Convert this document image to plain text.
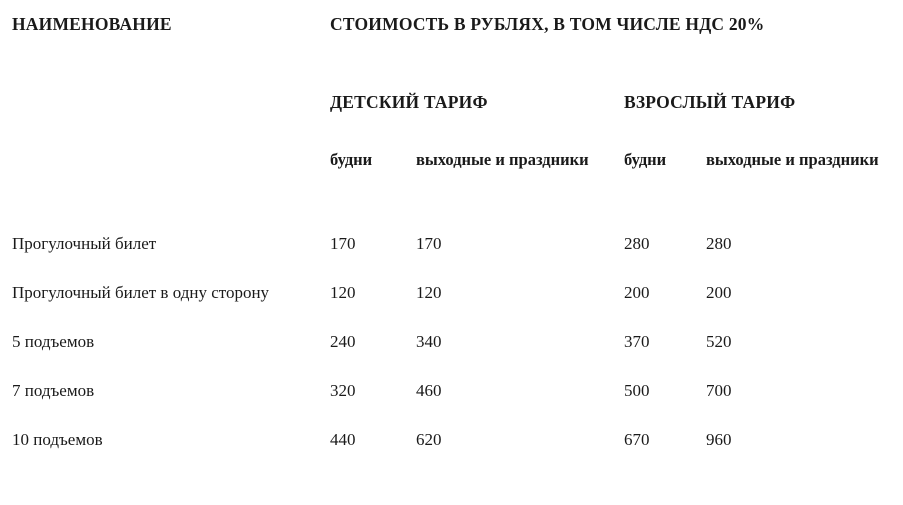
НАИМЕНОВАНИЕ	СТОИМОСТЬ В РУБЛЯХ, В ТОМ ЧИСЛЕ НДС 20%			
	ДЕТСКИЙ ТАРИФ		ВЗРОСЛЫЙ ТАРИФ	
	будни	выходные и праздники	будни	выходные и праздники
Прогулочный билет	170	170	280	280
Прогулочный билет в одну сторону	120	120	200	200
5 подъемов	240	340	370	520
7 подъемов	320	460	500	700
10 подъемов	440	620	670	960
